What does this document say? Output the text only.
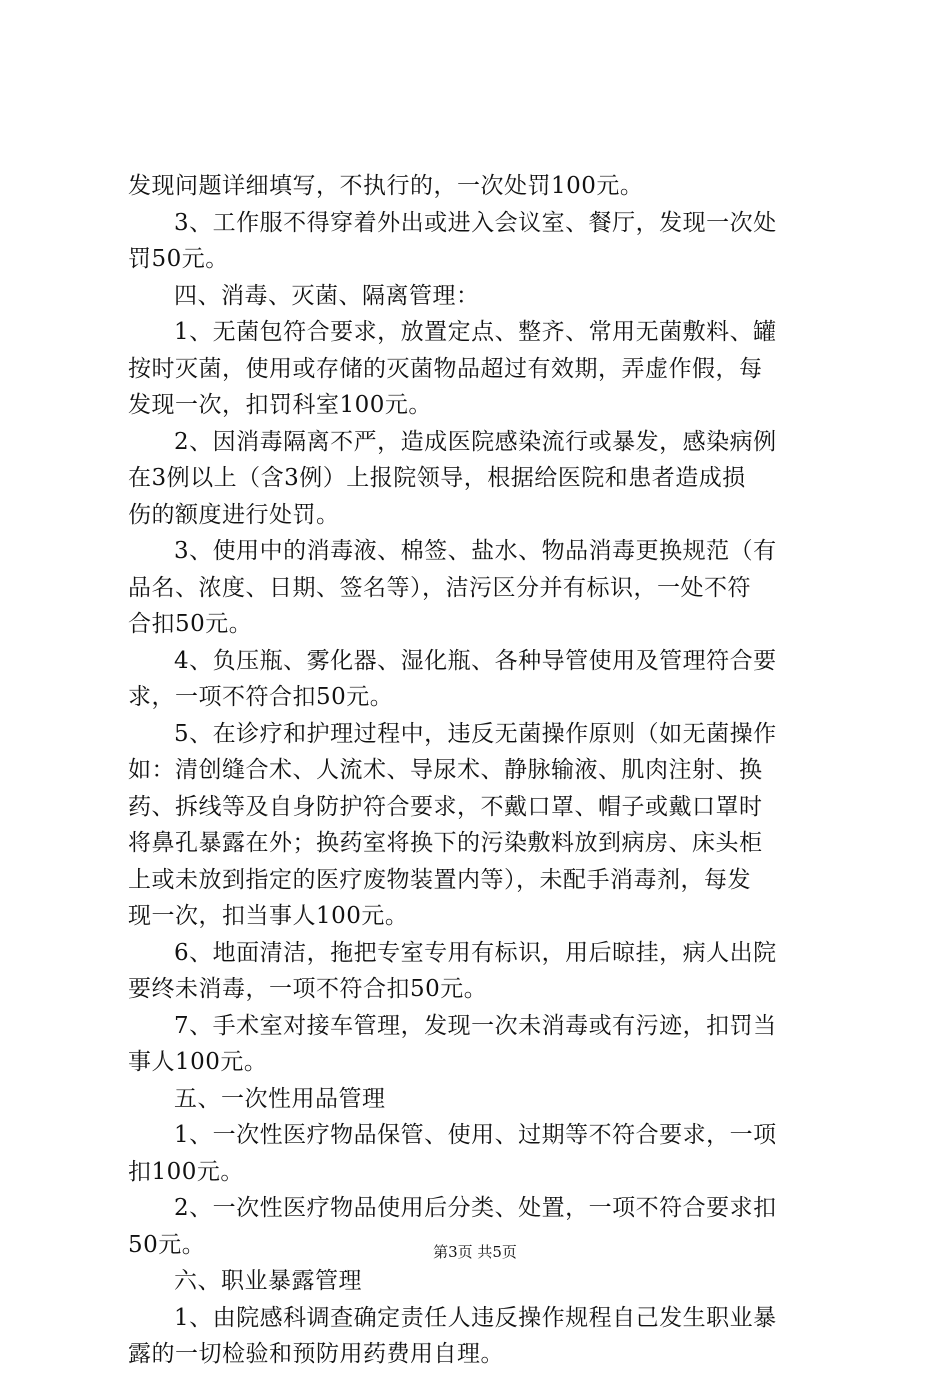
发现问题详细填写，不执行的，一次处罚100元。
3、工作服不得穿着外出或进入会议室、餐厅，发现一次处
罚50元。
四、消毒、灭菌、隔离管理：
1、无菌包符合要求，放置定点、整齐、常用无菌敷料、罐
按时灭菌，使用或存储的灭菌物品超过有效期，弄虚作假，每
发现一次，扣罚科室100元。
2、因消毒隔离不严，造成医院感染流行或暴发，感染病例
在3例以上（含3例）上报院领导，根据给医院和患者造成损
伤的额度进行处罚。
3、使用中的消毒液、棉签、盐水、物品消毒更换规范（有
品名、浓度、日期、签名等），洁污区分并有标识，一处不符
合扣50元。
4、负压瓶、雾化器、湿化瓶、各种导管使用及管理符合要
求，一项不符合扣50元。
5、在诊疗和护理过程中，违反无菌操作原则（如无菌操作
如：清创缝合术、人流术、导尿术、静脉输液、肌肉注射、换
药、拆线等及自身防护符合要求，不戴口罩、帽子或戴口罩时
将鼻孔暴露在外；换药室将换下的污染敷料放到病房、床头柜
上或未放到指定的医疗废物装置内等），未配手消毒剂，每发
现一次，扣当事人100元。
6、地面清洁，拖把专室专用有标识，用后晾挂，病人出院
要终未消毒，一项不符合扣50元。
7、手术室对接车管理，发现一次未消毒或有污迹，扣罚当
事人100元。
五、一次性用品管理
1、一次性医疗物品保管、使用、过期等不符合要求，一项
扣100元。
2、一次性医疗物品使用后分类、处置，一项不符合要求扣
50元。
六、职业暴露管理
1、由院感科调查确定责任人违反操作规程自己发生职业暴
露的一切检验和预防用药费用自理。
第3页 共5页
